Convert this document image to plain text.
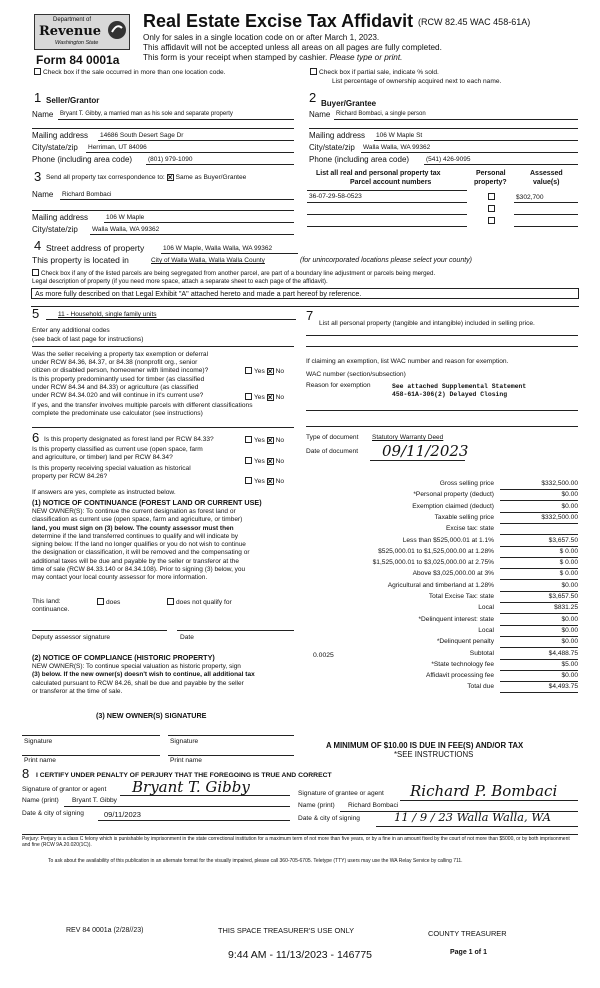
Department of
Revenue
Washington State
Form 84 0001a
Real Estate Excise Tax Affidavit (RCW 82.45 WAC 458-61A)
Only for sales in a single location code on or after March 1, 2023.
This affidavit will not be accepted unless all areas on all pages are fully completed.
This form is your receipt when stamped by cashier. Please type or print.
Check box if the sale occurred in more than one location code.	Check box if partial sale, indicate % sold.
List percentage of ownership acquired next to each name.
1 Seller/Grantor
Name Bryant T. Gibby, a married man as his sole and separate property
Mailing address 14686 South Desert Sage Dr
City/state/zip Herriman, UT 84096
Phone (including area code) (801) 979-1090
2 Buyer/Grantee
Name Richard Bombaci, a single person
Mailing address 106 W Maple St
City/state/zip Walla Walla, WA 99362
Phone (including area code)	(541) 426-9095
3 Send all property tax correspondence to: × Same as Buyer/Grantee
Name Richard Bombaci
Mailing address	106 W Maple
City/state/zip Walla Walla, WA 99362
List all real and personal property tax
Parcel account numbers
Personal
property?
Assessed
value(s)
36-07-29-58-0523	$302,700
4 Street address of property	106 W Maple, Walla Walla, WA 99362
This property is located in	City of Walla Walla, Walla Walla County	(for unincorporated locations please select your county)
Check box if any of the listed parcels are being segregated from another parcel, are part of a boundary line adjustment or parcels being merged.
Legal description of property (if you need more space, attach a separate sheet to each page of the affidavit).
As more fully described on that Legal Exhibit "A" attached hereto and made a part hereof by reference.
5	11 - Household, single family units
Enter any additional codes
(see back of last page for instructions)
Was the seller receiving a property tax exemption or deferral
under RCW 84.36, 84.37, or 84.38 (nonprofit org., senior
citizen or disabled person, homeowner with limited income)?	Yes × No
Is this property predominantly used for timber (as classified
under RCW 84.34 and 84.33) or agriculture (as classified
under RCW 84.34.020 and will continue in it's current use?	Yes × No
If yes, and the transfer involves multiple parcels with different classifications
complete the predominate use calculator (see instructions)
7
List all personal property (tangible and intangible) included in selling price.
If claiming an exemption, list WAC number and reason for exemption.
WAC number (section/subsection)
Reason for exemption	See attached Supplemental Statement
458-61A-306(2) Delayed Closing
6 Is this property designated as forest land per RCW 84.33?	Yes × No
Is this property classified as current use (open space, farm
and agriculture, or timber) land per RCW 84.34?
Yes × No
Is this property receiving special valuation as historical
property per RCW 84.26?
Yes × No
If answers are yes, complete as instructed below.
(1) NOTICE OF CONTINUANCE (FOREST LAND OR CURRENT USE)
NEW OWNER(S): To continue the current designation as forest land or
classification as current use (open space, farm and agriculture, or timber)
land, you must sign on (3) below. The county assessor must then
determine if the land transferred continues to qualify and will indicate by
signing below. If the land no longer qualifies or you do not wish to continue
the designation or classification, it will be removed and the compensating or
additional taxes will be due and payable by the seller or transferor at the
time of sale (RCW 84.33.140 or 84.34.108). Prior to signing (3) below, you
may contact your local county assessor for more information.
This land:	does	does not qualify for
continuance.
Deputy assessor signature	Date
(2) NOTICE OF COMPLIANCE (HISTORIC PROPERTY)
NEW OWNER(S): To continue special valuation as historic property, sign
(3) below. If the new owner(s) doesn't wish to continue, all additional tax
calculated pursuant to RCW 84.26, shall be due and payable by the seller
or transferor at the time of sale.
(3) NEW OWNER(S) SIGNATURE
Signature	Signature
Print name	Print name
Type of document Statutory Warranty Deed
Date of document 09/11/2023
Gross selling price	$332,500.00
*Personal property (deduct)	$0.00
Exemption claimed (deduct)	$0.00
Taxable selling price	$332,500.00
Excise tax: state
Less than $525,000.01 at 1.1%	$3,657.50
$525,000.01 to $1,525,000.00 at 1.28%	$ 0.00
$1,525,000.01 to $3,025,000.00 at 2.75%	$ 0.00
Above $3,025,000.00 at 3%	$ 0.00
Agricultural and timberland at 1.28%	$0.00
Total Excise Tax: state	$3,657.50
Local	$831.25
*Delinquent interest: state	$0.00
Local	$0.00
*Delinquent penalty	$0.00
Subtotal	$4,488.75
*State technology fee	$5.00
Affidavit processing fee	$0.00
Total due	$4,493.75
0.0025
A MINIMUM OF $10.00 IS DUE IN FEE(S) AND/OR TAX
*SEE INSTRUCTIONS
8 I CERTIFY UNDER PENALTY OF PERJURY THAT THE FOREGOING IS TRUE AND CORRECT
Signature of grantor or agent Bryant T. Gibby
Name (print) Bryant T. Gibby
Date & city of signing	09/11/2023
Signature of grantee or agent Richard P. Bombaci
Name (print) Richard Bombaci
Date & city of signing	11 / 9 / 23 Walla Walla, WA
Perjury: Perjury is a class C felony which is punishable by imprisonment in the state correctional institution for a maximum term of not more than five years, or by a fine in an amount fixed by the court of not more than $5000, or by both imprisonment and fine (RCW 9A.20.020(1C)).
To ask about the availability of this publication in an alternate format for the visually impaired, please call 360-705-6705. Teletype (TTY) users may use the WA Relay Service by calling 711.
REV 84 0001a (2/28//23)	THIS SPACE TREASURER'S USE ONLY	COUNTY TREASURER
9:44 AM - 11/13/2023 - 146775	Page 1 of 1
